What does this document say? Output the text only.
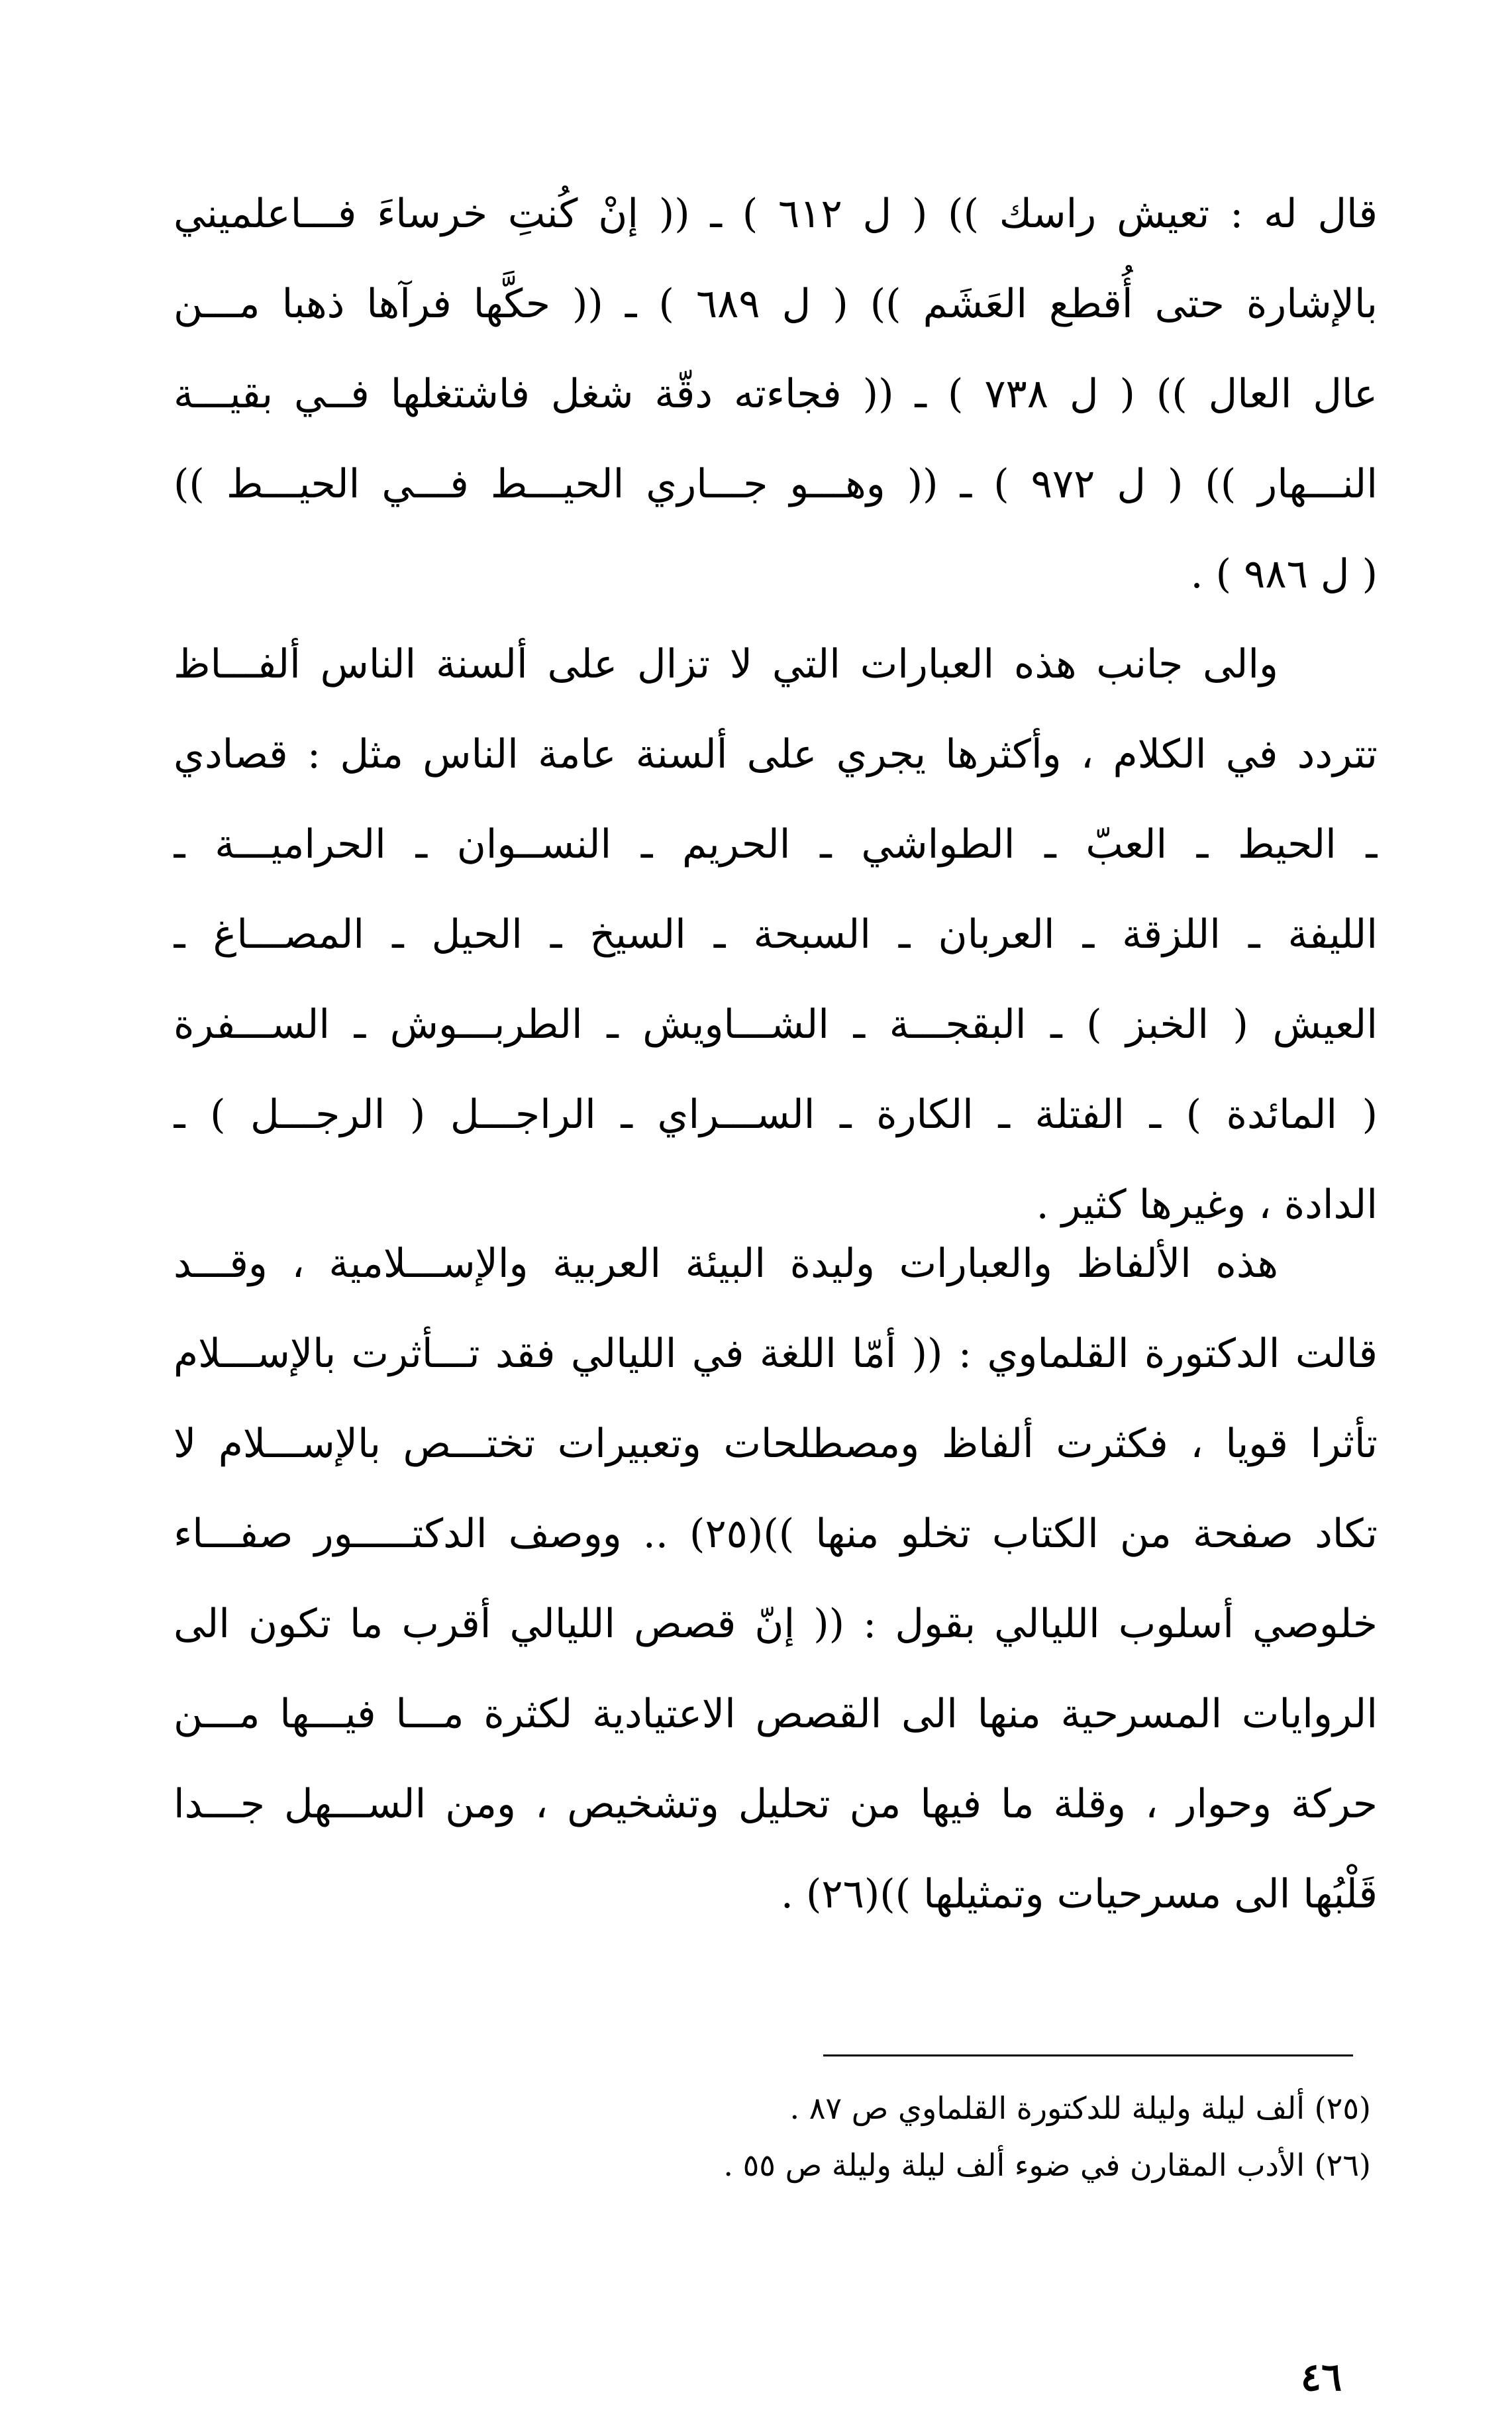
قال له : تعيش راسك )) ( ل ٦١٢ ) ـ (( إنْ كُنتِ خرساءَ فـــاعلميني
بالإشارة حتى أُقطع العَشَم )) ( ل ٦٨٩ ) ـ (( حكَّها فرآها ذهبا مـــن
عال العال )) ( ل ٧٣٨ ) ـ (( فجاءته دقّة شغل فاشتغلها فــي بقيـــة
النـــهار )) ( ل ٩٧٢ ) ـ (( وهـــو جـــاري الحيـــط فـــي الحيـــط ))
( ل ٩٨٦ ) .
والى جانب هذه العبارات التي لا تزال على ألسنة الناس ألفـــاظ
تتردد في الكلام ، وأكثرها يجري على ألسنة عامة الناس مثل : قصادي
ـ الحيط ـ العبّ ـ الطواشي ـ الحريم ـ النســوان ـ الحراميـــة ـ
الليفة ـ اللزقة ـ العربان ـ السبحة ـ السيخ ـ الحيل ـ المصـــاغ ـ
العيش ( الخبز ) ـ البقجـــة ـ الشـــاويش ـ الطربـــوش ـ الســـفرة
( المائدة ) ـ الفتلة ـ الكارة ـ الســـراي ـ الراجـــل ( الرجـــل ) ـ
الدادة ، وغيرها كثير .
هذه الألفاظ والعبارات وليدة البيئة العربية والإســـلامية ، وقـــد
قالت الدكتورة القلماوي : (( أمّا اللغة في الليالي فقد تـــأثرت بالإســـلام
تأثرا قويا ، فكثرت ألفاظ ومصطلحات وتعبيرات تختـــص بالإســـلام لا
تكاد صفحة من الكتاب تخلو منها ))(٢٥) .. ووصف الدكتـــــور صفـــاء
خلوصي أسلوب الليالي بقول : (( إنّ قصص الليالي أقرب ما تكون الى
الروايات المسرحية منها الى القصص الاعتيادية لكثرة مـــا فيـــها مـــن
حركة وحوار ، وقلة ما فيها من تحليل وتشخيص ، ومن الســـهل جـــدا
قَلْبُها الى مسرحيات وتمثيلها ))(٢٦) .
(٢٥) ألف ليلة وليلة للدكتورة القلماوي ص ٨٧ .
(٢٦) الأدب المقارن في ضوء ألف ليلة وليلة ص ٥٥ .
٤٦
